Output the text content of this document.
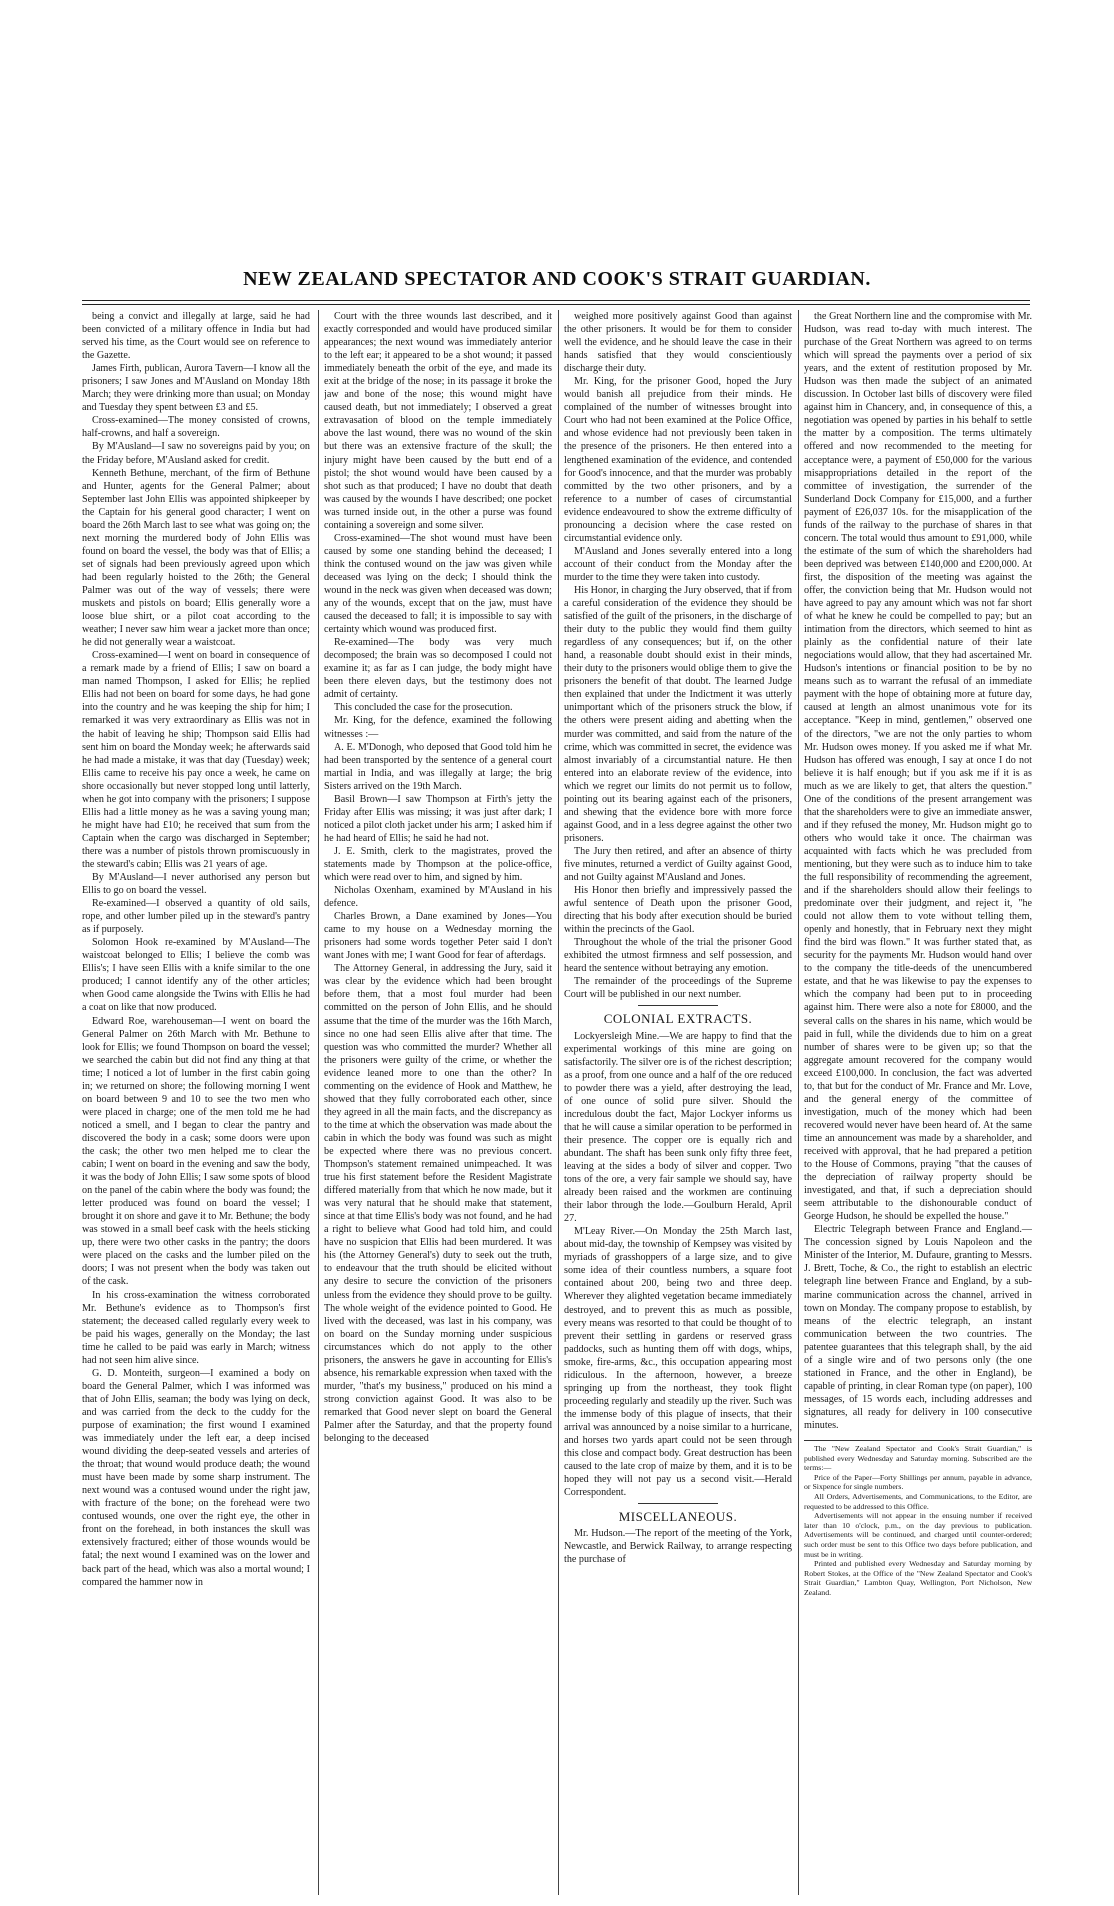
NEW ZEALAND SPECTATOR AND COOK'S STRAIT GUARDIAN.

being a convict and illegally at large, said he had been convicted of a military offence in India but had served his time, as the Court would see on reference to the Gazette.

James Firth, publican, Aurora Tavern—I know all the prisoners; I saw Jones and M'Ausland on Monday 18th March; they were drinking more than usual; on Monday and Tuesday they spent between £3 and £5.

Cross-examined—The money consisted of crowns, half-crowns, and half a sovereign.

By M'Ausland—I saw no sovereigns paid by you; on the Friday before, M'Ausland asked for credit.

Kenneth Bethune, merchant, of the firm of Bethune and Hunter, agents for the General Palmer; about September last John Ellis was appointed shipkeeper by the Captain for his general good character; I went on board the 26th March last to see what was going on; the next morning the murdered body of John Ellis was found on board the vessel, the body was that of Ellis; a set of signals had been previously agreed upon which had been regularly hoisted to the 26th; the General Palmer was out of the way of vessels; there were muskets and pistols on board; Ellis generally wore a loose blue shirt, or a pilot coat according to the weather; I never saw him wear a jacket more than once; he did not generally wear a waistcoat.

Cross-examined—I went on board in consequence of a remark made by a friend of Ellis; I saw on board a man named Thompson, I asked for Ellis; he replied Ellis had not been on board for some days, he had gone into the country and he was keeping the ship for him; I remarked it was very extraordinary as Ellis was not in the habit of leaving he ship; Thompson said Ellis had sent him on board the Monday week; he afterwards said he had made a mistake, it was that day (Tuesday) week; Ellis came to receive his pay once a week, he came on shore occasionally but never stopped long until latterly, when he got into company with the prisoners; I suppose Ellis had a little money as he was a saving young man; he might have had £10; he received that sum from the Captain when the cargo was discharged in September; there was a number of pistols thrown promiscuously in the steward's cabin; Ellis was 21 years of age.

By M'Ausland—I never authorised any person but Ellis to go on board the vessel.

Re-examined—I observed a quantity of old sails, rope, and other lumber piled up in the steward's pantry as if purposely.

Solomon Hook re-examined by M'Ausland—The waistcoat belonged to Ellis; I believe the comb was Ellis's; I have seen Ellis with a knife similar to the one produced; I cannot identify any of the other articles; when Good came alongside the Twins with Ellis he had a coat on like that now produced.

Edward Roe, warehouseman—I went on board the General Palmer on 26th March with Mr. Bethune to look for Ellis; we found Thompson on board the vessel; we searched the cabin but did not find any thing at that time; I noticed a lot of lumber in the first cabin going in; we returned on shore; the following morning I went on board between 9 and 10 to see the two men who were placed in charge; one of the men told me he had noticed a smell, and I began to clear the pantry and discovered the body in a cask; some doors were upon the cask; the other two men helped me to clear the cabin; I went on board in the evening and saw the body, it was the body of John Ellis; I saw some spots of blood on the panel of the cabin where the body was found; the letter produced was found on board the vessel; I brought it on shore and gave it to Mr. Bethune; the body was stowed in a small beef cask with the heels sticking up, there were two other casks in the pantry; the doors were placed on the casks and the lumber piled on the doors; I was not present when the body was taken out of the cask.

In his cross-examination the witness corroborated Mr. Bethune's evidence as to Thompson's first statement; the deceased called regularly every week to be paid his wages, generally on the Monday; the last time he called to be paid was early in March; witness had not seen him alive since.

G. D. Monteith, surgeon—I examined a body on board the General Palmer, which I was informed was that of John Ellis, seaman; the body was lying on deck, and was carried from the deck to the cuddy for the purpose of examination; the first wound I examined was immediately under the left ear, a deep incised wound dividing the deep-seated vessels and arteries of the throat; that wound would produce death; the wound must have been made by some sharp instrument. The next wound was a contused wound under the right jaw, with fracture of the bone; on the forehead were two contused wounds, one over the right eye, the other in front on the forehead, in both instances the skull was extensively fractured; either of those wounds would be fatal; the next wound I examined was on the lower and back part of the head, which was also a mortal wound; I compared the hammer now in

Court with the three wounds last described, and it exactly corresponded and would have produced similar appearances; the next wound was immediately anterior to the left ear; it appeared to be a shot wound; it passed immediately beneath the orbit of the eye, and made its exit at the bridge of the nose; in its passage it broke the jaw and bone of the nose; this wound might have caused death, but not immediately; I observed a great extravasation of blood on the temple immediately above the last wound, there was no wound of the skin but there was an extensive fracture of the skull; the injury might have been caused by the butt end of a pistol; the shot wound would have been caused by a shot such as that produced; I have no doubt that death was caused by the wounds I have described; one pocket was turned inside out, in the other a purse was found containing a sovereign and some silver.

Cross-examined—The shot wound must have been caused by some one standing behind the deceased; I think the contused wound on the jaw was given while deceased was lying on the deck; I should think the wound in the neck was given when deceased was down; any of the wounds, except that on the jaw, must have caused the deceased to fall; it is impossible to say with certainty which wound was produced first.

Re-examined—The body was very much decomposed; the brain was so decomposed I could not examine it; as far as I can judge, the body might have been there eleven days, but the testimony does not admit of certainty.

This concluded the case for the prosecution.

Mr. King, for the defence, examined the following witnesses :—

A. E. M'Donogh, who deposed that Good told him he had been transported by the sentence of a general court martial in India, and was illegally at large; the brig Sisters arrived on the 19th March.

Basil Brown—I saw Thompson at Firth's jetty the Friday after Ellis was missing; it was just after dark; I noticed a pilot cloth jacket under his arm; I asked him if he had heard of Ellis; he said he had not.

J. E. Smith, clerk to the magistrates, proved the statements made by Thompson at the police-office, which were read over to him, and signed by him.

Nicholas Oxenham, examined by M'Ausland in his defence.

Charles Brown, a Dane examined by Jones—You came to my house on a Wednesday morning the prisoners had some words together Peter said I don't want Jones with me; I want Good for fear of afterdags.

The Attorney General, in addressing the Jury, said it was clear by the evidence which had been brought before them, that a most foul murder had been committed on the person of John Ellis, and he should assume that the time of the murder was the 16th March, since no one had seen Ellis alive after that time. The question was who committed the murder? Whether all the prisoners were guilty of the crime, or whether the evidence leaned more to one than the other? In commenting on the evidence of Hook and Matthew, he showed that they fully corroborated each other, since they agreed in all the main facts, and the discrepancy as to the time at which the observation was made about the cabin in which the body was found was such as might be expected where there was no previous concert. Thompson's statement remained unimpeached. It was true his first statement before the Resident Magistrate differed materially from that which he now made, but it was very natural that he should make that statement, since at that time Ellis's body was not found, and he had a right to believe what Good had told him, and could have no suspicion that Ellis had been murdered. It was his (the Attorney General's) duty to seek out the truth, to endeavour that the truth should be elicited without any desire to secure the conviction of the prisoners unless from the evidence they should prove to be guilty. The whole weight of the evidence pointed to Good. He lived with the deceased, was last in his company, was on board on the Sunday morning under suspicious circumstances which do not apply to the other prisoners, the answers he gave in accounting for Ellis's absence, his remarkable expression when taxed with the murder, "that's my business," produced on his mind a strong conviction against Good. It was also to be remarked that Good never slept on board the General Palmer after the Saturday, and that the property found belonging to the deceased

weighed more positively against Good than against the other prisoners. It would be for them to consider well the evidence, and he should leave the case in their hands satisfied that they would conscientiously discharge their duty.

Mr. King, for the prisoner Good, hoped the Jury would banish all prejudice from their minds. He complained of the number of witnesses brought into Court who had not been examined at the Police Office, and whose evidence had not previously been taken in the presence of the prisoners. He then entered into a lengthened examination of the evidence, and contended for Good's innocence, and that the murder was probably committed by the two other prisoners, and by a reference to a number of cases of circumstantial evidence endeavoured to show the extreme difficulty of pronouncing a decision where the case rested on circumstantial evidence only.

M'Ausland and Jones severally entered into a long account of their conduct from the Monday after the murder to the time they were taken into custody.

His Honor, in charging the Jury observed, that if from a careful consideration of the evidence they should be satisfied of the guilt of the prisoners, in the discharge of their duty to the public they would find them guilty regardless of any consequences; but if, on the other hand, a reasonable doubt should exist in their minds, their duty to the prisoners would oblige them to give the prisoners the benefit of that doubt. The learned Judge then explained that under the Indictment it was utterly unimportant which of the prisoners struck the blow, if the others were present aiding and abetting when the murder was committed, and said from the nature of the crime, which was committed in secret, the evidence was almost invariably of a circumstantial nature. He then entered into an elaborate review of the evidence, into which we regret our limits do not permit us to follow, pointing out its bearing against each of the prisoners, and shewing that the evidence bore with more force against Good, and in a less degree against the other two prisoners.

The Jury then retired, and after an absence of thirty five minutes, returned a verdict of Guilty against Good, and not Guilty against M'Ausland and Jones.

His Honor then briefly and impressively passed the awful sentence of Death upon the prisoner Good, directing that his body after execution should be buried within the precincts of the Gaol.

Throughout the whole of the trial the prisoner Good exhibited the utmost firmness and self possession, and heard the sentence without betraying any emotion.

The remainder of the proceedings of the Supreme Court will be published in our next number.

COLONIAL EXTRACTS.

Lockyersleigh Mine.—We are happy to find that the experimental workings of this mine are going on satisfactorily. The silver ore is of the richest description; as a proof, from one ounce and a half of the ore reduced to powder there was a yield, after destroying the lead, of one ounce of solid pure silver. Should the incredulous doubt the fact, Major Lockyer informs us that he will cause a similar operation to be performed in their presence. The copper ore is equally rich and abundant. The shaft has been sunk only fifty three feet, leaving at the sides a body of silver and copper. Two tons of the ore, a very fair sample we should say, have already been raised and the workmen are continuing their labor through the lode.—Goulburn Herald, April 27.

M'Leay River.—On Monday the 25th March last, about mid-day, the township of Kempsey was visited by myriads of grasshoppers of a large size, and to give some idea of their countless numbers, a square foot contained about 200, being two and three deep. Wherever they alighted vegetation became immediately destroyed, and to prevent this as much as possible, every means was resorted to that could be thought of to prevent their settling in gardens or reserved grass paddocks, such as hunting them off with dogs, whips, smoke, fire-arms, &c., this occupation appearing most ridiculous. In the afternoon, however, a breeze springing up from the northeast, they took flight proceeding regularly and steadily up the river. Such was the immense body of this plague of insects, that their arrival was announced by a noise similar to a hurricane, and horses two yards apart could not be seen through this close and compact body. Great destruction has been caused to the late crop of maize by them, and it is to be hoped they will not pay us a second visit.—Herald Correspondent.

MISCELLANEOUS.

Mr. Hudson.—The report of the meeting of the York, Newcastle, and Berwick Railway, to arrange respecting the purchase of

the Great Northern line and the compromise with Mr. Hudson, was read to-day with much interest. The purchase of the Great Northern was agreed to on terms which will spread the payments over a period of six years, and the extent of restitution proposed by Mr. Hudson was then made the subject of an animated discussion. In October last bills of discovery were filed against him in Chancery, and, in consequence of this, a negotiation was opened by parties in his behalf to settle the matter by a composition. The terms ultimately offered and now recommended to the meeting for acceptance were, a payment of £50,000 for the various misappropriations detailed in the report of the committee of investigation, the surrender of the Sunderland Dock Company for £15,000, and a further payment of £26,037 10s. for the misapplication of the funds of the railway to the purchase of shares in that concern. The total would thus amount to £91,000, while the estimate of the sum of which the shareholders had been deprived was between £140,000 and £200,000. At first, the disposition of the meeting was against the offer, the conviction being that Mr. Hudson would not have agreed to pay any amount which was not far short of what he knew he could be compelled to pay; but an intimation from the directors, which seemed to hint as plainly as the confidential nature of their late negociations would allow, that they had ascertained Mr. Hudson's intentions or financial position to be by no means such as to warrant the refusal of an immediate payment with the hope of obtaining more at future day, caused at length an almost unanimous vote for its acceptance. "Keep in mind, gentlemen," observed one of the directors, "we are not the only parties to whom Mr. Hudson owes money. If you asked me if what Mr. Hudson has offered was enough, I say at once I do not believe it is half enough; but if you ask me if it is as much as we are likely to get, that alters the question." One of the conditions of the present arrangement was that the shareholders were to give an immediate answer, and if they refused the money, Mr. Hudson might go to others who would take it once. The chairman was acquainted with facts which he was precluded from mentioning, but they were such as to induce him to take the full responsibility of recommending the agreement, and if the shareholders should allow their feelings to predominate over their judgment, and reject it, "he could not allow them to vote without telling them, openly and honestly, that in February next they might find the bird was flown." It was further stated that, as security for the payments Mr. Hudson would hand over to the company the title-deeds of the unencumbered estate, and that he was likewise to pay the expenses to which the company had been put to in proceeding against him. There were also a note for £8000, and the several calls on the shares in his name, which would be paid in full, while the dividends due to him on a great number of shares were to be given up; so that the aggregate amount recovered for the company would exceed £100,000. In conclusion, the fact was adverted to, that but for the conduct of Mr. France and Mr. Love, and the general energy of the committee of investigation, much of the money which had been recovered would never have been heard of. At the same time an announcement was made by a shareholder, and received with approval, that he had prepared a petition to the House of Commons, praying "that the causes of the depreciation of railway property should be investigated, and that, if such a depreciation should seem attributable to the dishonourable conduct of George Hudson, he should be expelled the house."

Electric Telegraph between France and England.—The concession signed by Louis Napoleon and the Minister of the Interior, M. Dufaure, granting to Messrs. J. Brett, Toche, & Co., the right to establish an electric telegraph line between France and England, by a sub-marine communication across the channel, arrived in town on Monday. The company propose to establish, by means of the electric telegraph, an instant communication between the two countries. The patentee guarantees that this telegraph shall, by the aid of a single wire and of two persons only (the one stationed in France, and the other in England), be capable of printing, in clear Roman type (on paper), 100 messages, of 15 words each, including addresses and signatures, all ready for delivery in 100 consecutive minutes.

The "New Zealand Spectator and Cook's Strait Guardian," is published every Wednesday and Saturday morning. Subscribed are the terms:—

Price of the Paper—Forty Shillings per annum, payable in advance, or Sixpence for single numbers.

All Orders, Advertisements, and Communications, to the Editor, are requested to be addressed to this Office.

Advertisements will not appear in the ensuing number if received later than 10 o'clock, p.m., on the day previous to publication. Advertisements will be continued, and charged until counter-ordered; such order must be sent to this Office two days before publication, and must be in writing.

Printed and published every Wednesday and Saturday morning by Robert Stokes, at the Office of the "New Zealand Spectator and Cook's Strait Guardian," Lambton Quay, Wellington, Port Nicholson, New Zealand.
